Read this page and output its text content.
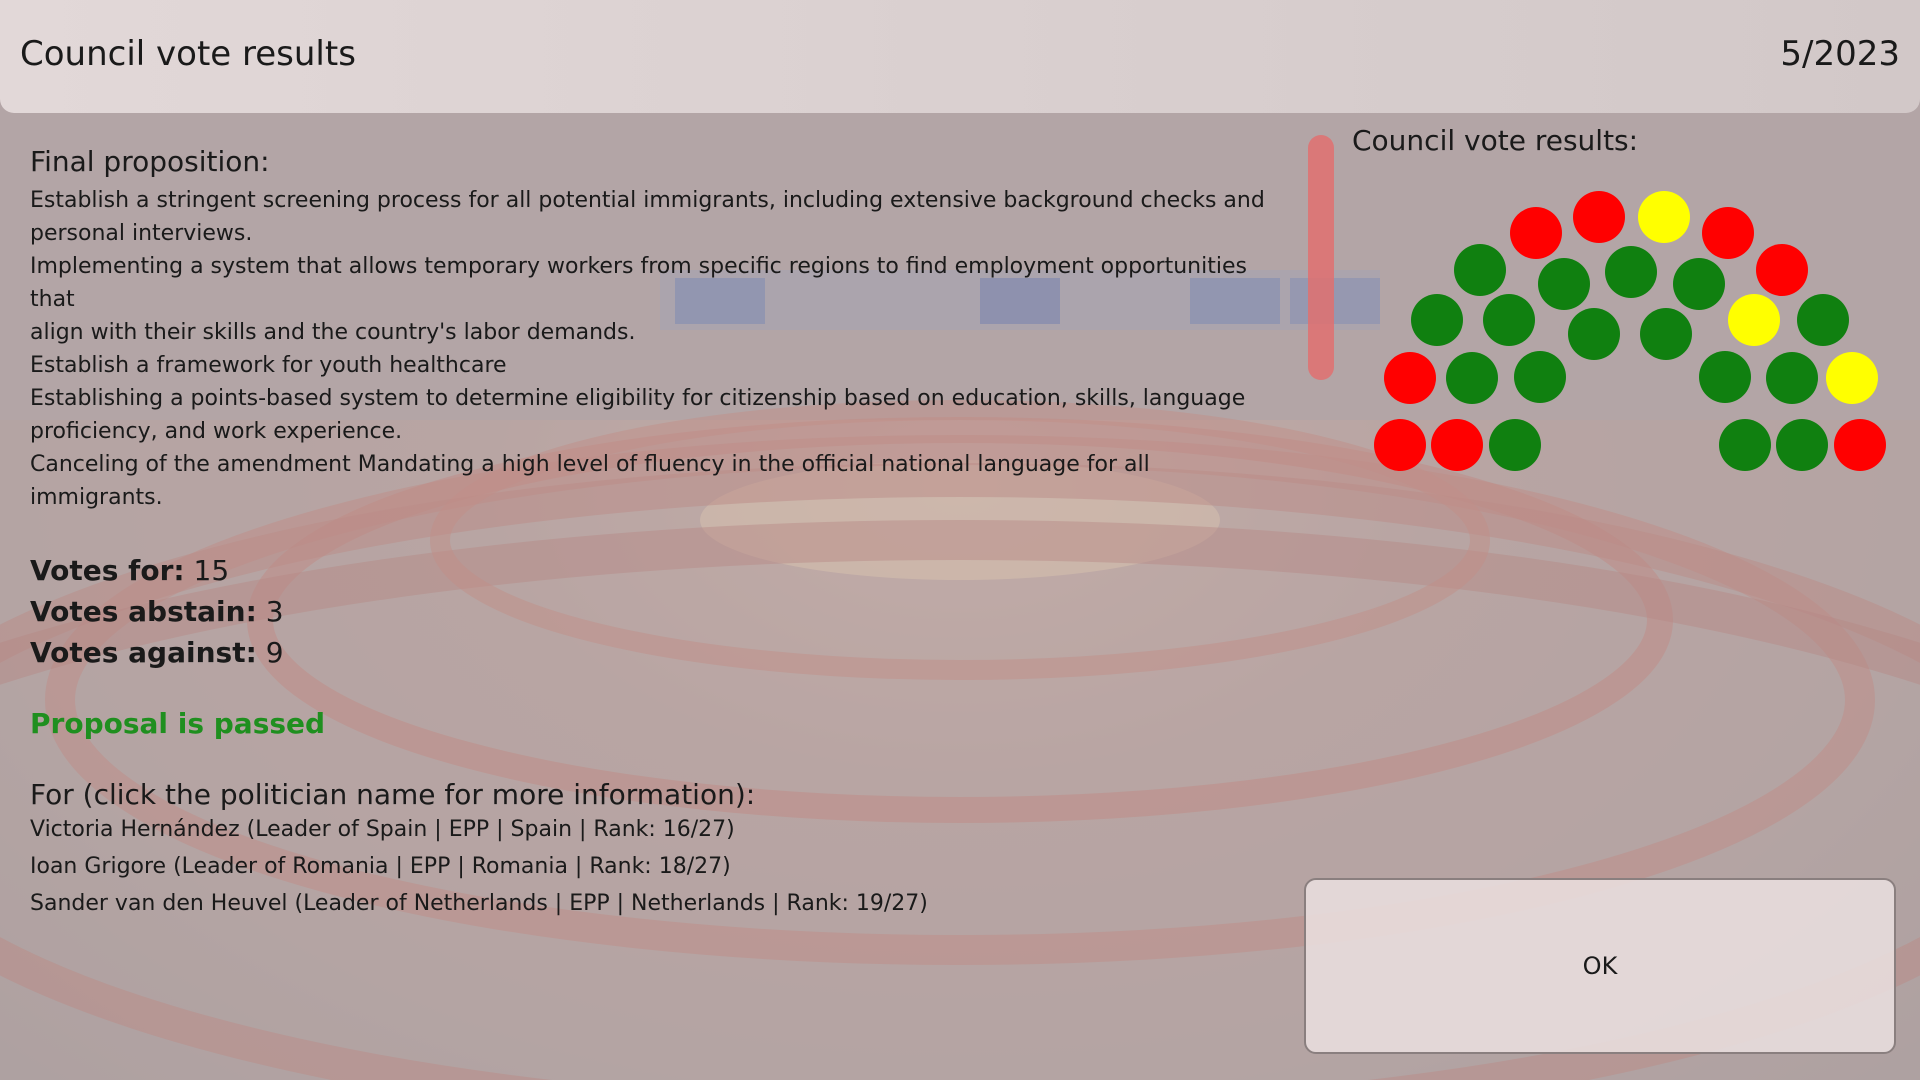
Council vote results	5/2023
Final proposition:
Establish a stringent screening process for all potential immigrants, including extensive background checks and
personal interviews.
Implementing a system that allows temporary workers from specific regions to find employment opportunities that
align with their skills and the country's labor demands.
Establish a framework for youth healthcare
Establishing a points-based system to determine eligibility for citizenship based on education, skills, language
proficiency, and work experience.
Canceling of the amendment Mandating a high level of fluency in the official national language for all immigrants.
Votes for: 15
Votes abstain: 3
Votes against: 9
Proposal is passed
For (click the politician name for more information):
Victoria Hernández (Leader of Spain | EPP | Spain | Rank: 16/27)
Ioan Grigore (Leader of Romania | EPP | Romania | Rank: 18/27)
Sander van den Heuvel (Leader of Netherlands | EPP | Netherlands | Rank: 19/27)
Council vote results:
OK
